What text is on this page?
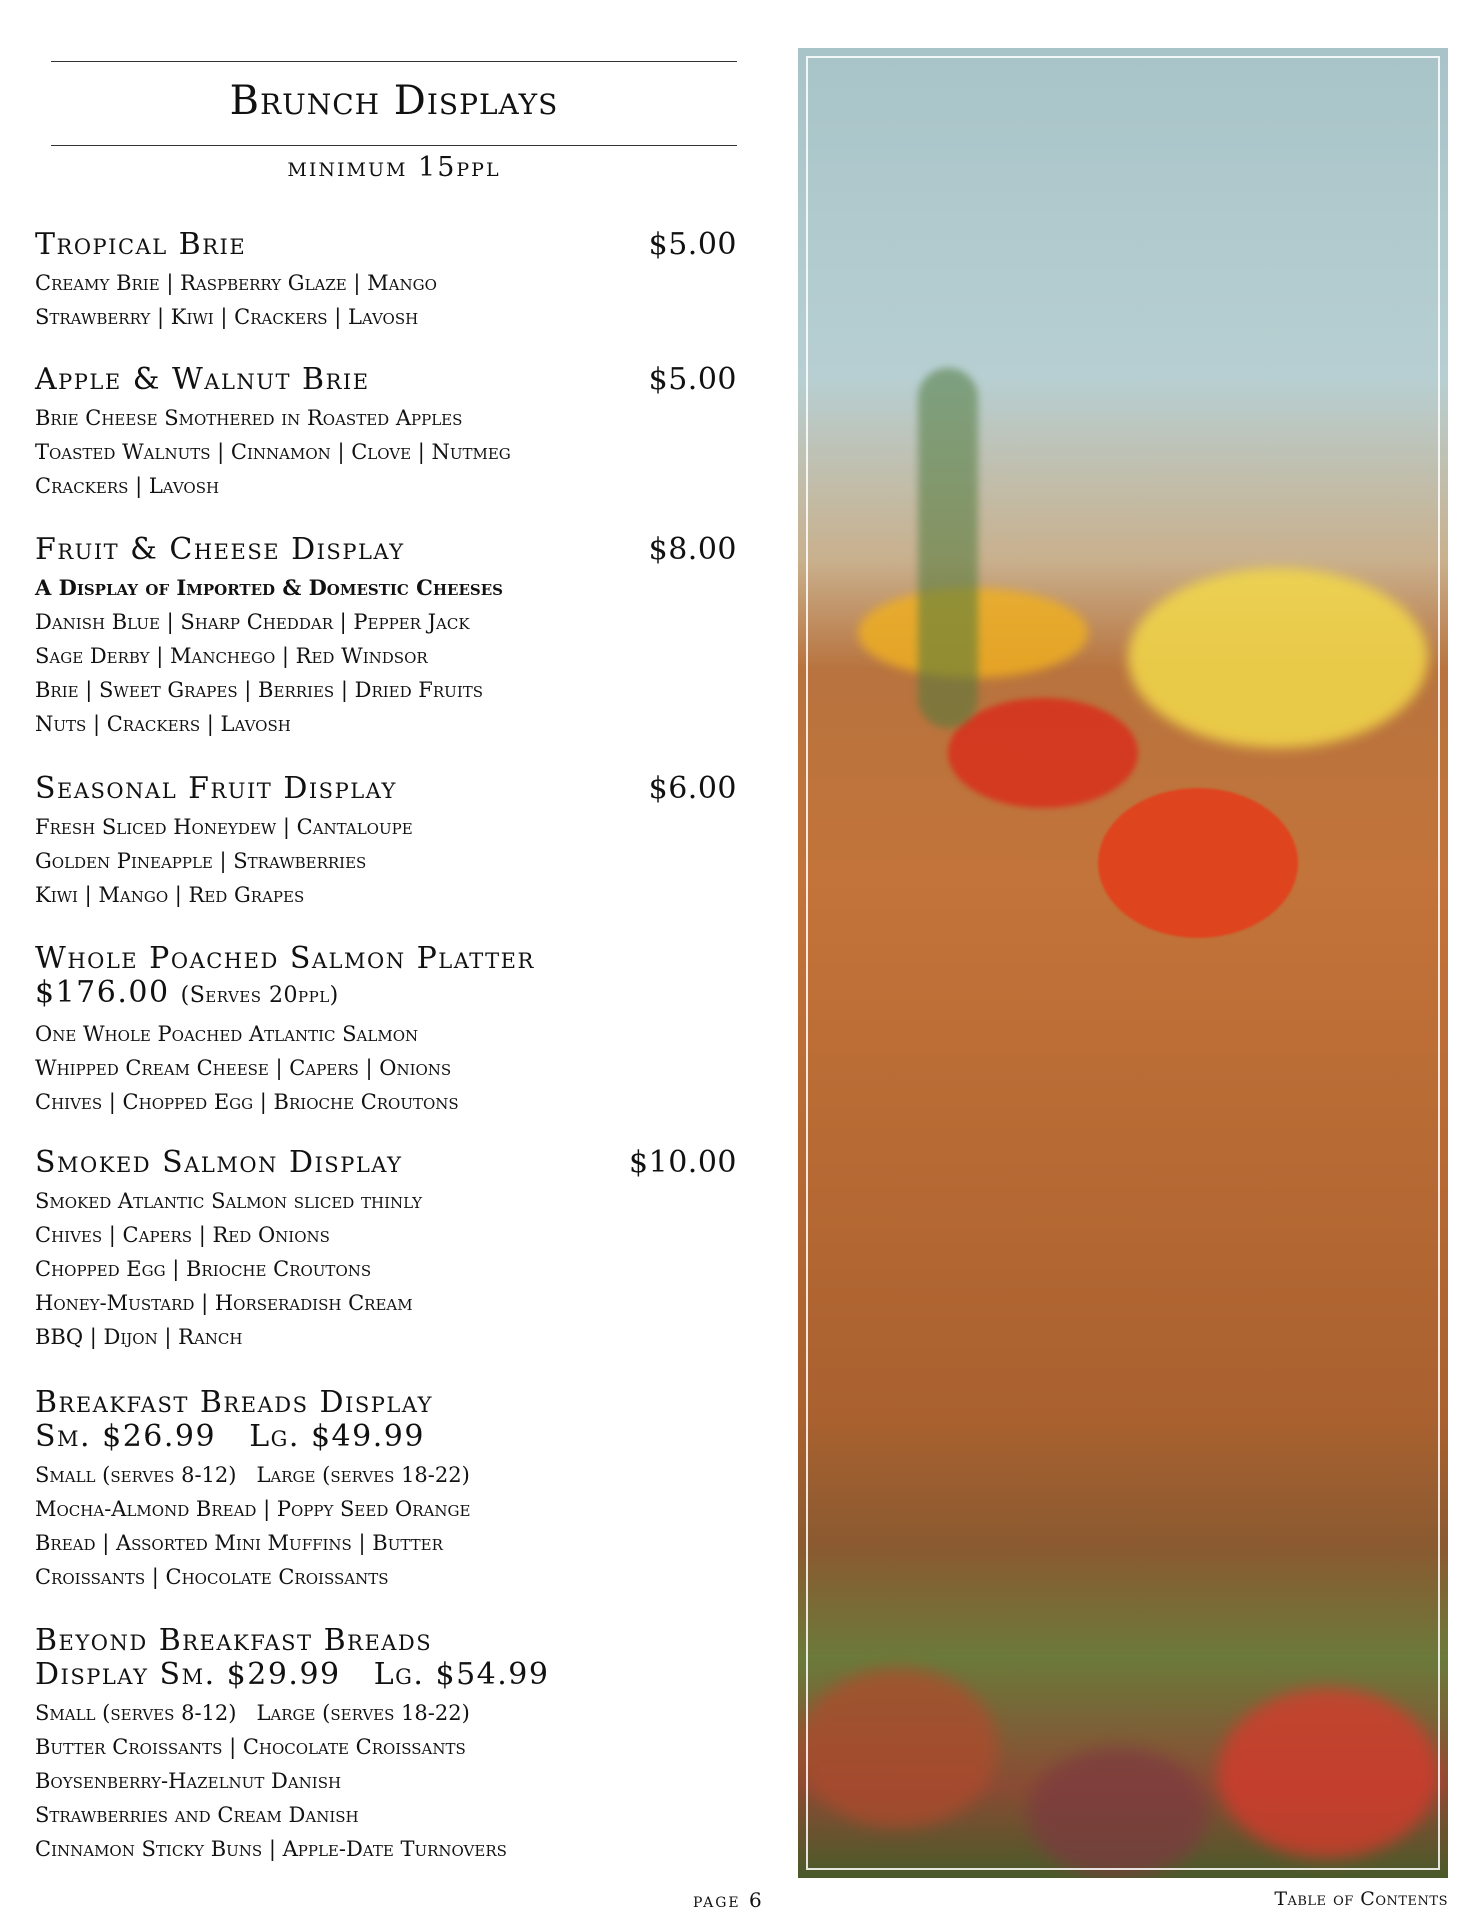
Brunch Displays
minimum 15ppl
Tropical Brie	$5.00
Creamy Brie | Raspberry Glaze | Mango
Strawberry | Kiwi | Crackers | Lavosh
Apple & Walnut Brie	$5.00
Brie Cheese Smothered in Roasted Apples
Toasted Walnuts | Cinnamon | Clove | Nutmeg
Crackers | Lavosh
Fruit & Cheese Display	$8.00
A Display of Imported & Domestic Cheeses
Danish Blue | Sharp Cheddar | Pepper Jack
Sage Derby | Manchego | Red Windsor
Brie | Sweet Grapes | Berries | Dried Fruits
Nuts | Crackers | Lavosh
Seasonal Fruit Display	$6.00
Fresh Sliced Honeydew | Cantaloupe
Golden Pineapple | Strawberries
Kiwi | Mango | Red Grapes
Whole Poached Salmon Platter
$176.00 (Serves 20ppl)
One Whole Poached Atlantic Salmon
Whipped Cream Cheese | Capers | Onions
Chives | Chopped Egg | Brioche Croutons
Smoked Salmon Display	$10.00
Smoked Atlantic Salmon sliced thinly
Chives | Capers | Red Onions
Chopped Egg | Brioche Croutons
Honey-Mustard | Horseradish Cream
BBQ | Dijon | Ranch
Breakfast Breads Display
Sm. $26.99   Lg. $49.99
Small (serves 8-12)   Large (serves 18-22)
Mocha-Almond Bread | Poppy Seed Orange
Bread | Assorted Mini Muffins | Butter
Croissants | Chocolate Croissants
Beyond Breakfast Breads
Display Sm. $29.99   Lg. $54.99
Small (serves 8-12)   Large (serves 18-22)
Butter Croissants | Chocolate Croissants
Boysenberry-Hazelnut Danish
Strawberries and Cream Danish
Cinnamon Sticky Buns | Apple-Date Turnovers
page 6	Table of Contents
